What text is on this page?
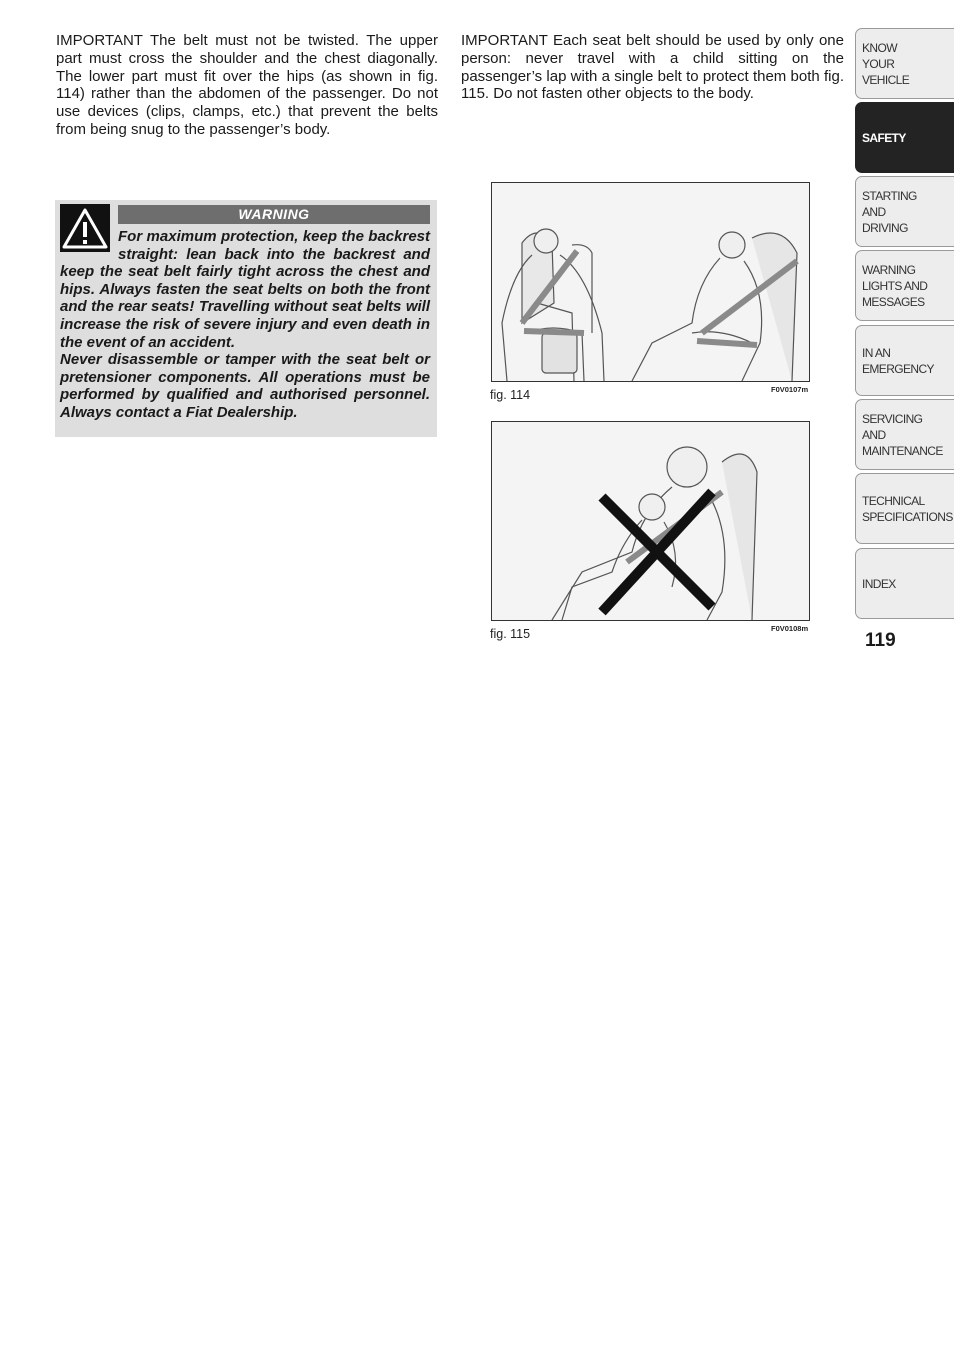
IMPORTANT The belt must not be twisted. The upper part must cross the shoulder and the chest diagonally. The lower part must fit over the hips (as shown in fig. 114) rather than the abdomen of the passenger. Do not use devices (clips, clamps, etc.) that prevent the belts from being snug to the passenger’s body.
IMPORTANT Each seat belt should be used by only one person: never travel with a child sitting on the passenger’s lap with a single belt to protect them both fig. 115. Do not fasten other objects to the body.
WARNING

For maximum protection, keep the backrest straight: lean back into the backrest and keep the seat belt fairly tight across the chest and hips. Always fasten the seat belts on both the front and the rear seats! Travelling without seat belts will increase the risk of severe injury and even death in the event of an accident.

Never disassemble or tamper with the seat belt or pretensioner components. All operations must be performed by qualified and authorised personnel. Always contact a Fiat Dealership.

fig. 114	F0V0107m
fig. 115	F0V0108m
KNOW
YOUR
VEHICLE
SAFETY
STARTING
AND
DRIVING
WARNING
LIGHTS AND
MESSAGES
IN AN
EMERGENCY
SERVICING
AND
MAINTENANCE
TECHNICAL
SPECIFICATIONS
INDEX
119
